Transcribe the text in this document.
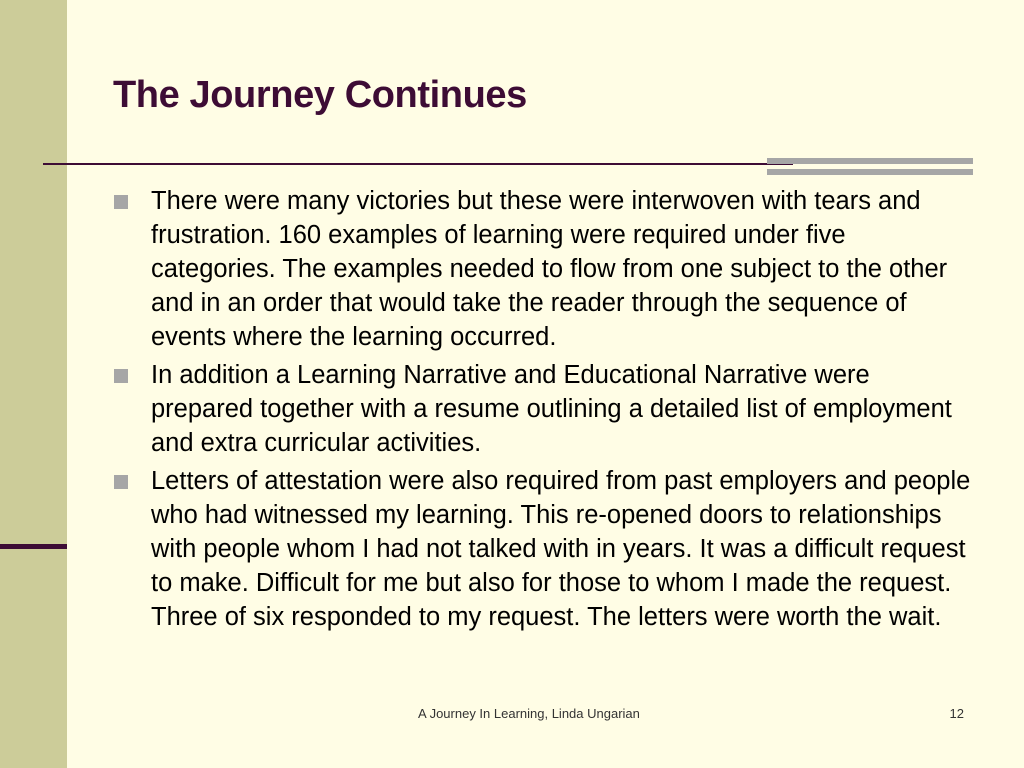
The Journey Continues
There were many victories but these were interwoven with tears and frustration. 160 examples of learning were required under five categories. The examples needed to flow from one subject to the other and in an order that would take the reader through the sequence of events where the learning occurred.
In addition a Learning Narrative and Educational Narrative were prepared together with a resume outlining a detailed list of employment and extra curricular activities.
Letters of attestation were also required from past employers and people who had witnessed my learning. This re-opened doors to relationships with people whom I had not talked with in years. It was a difficult request to make. Difficult for me but also for those to whom I made the request. Three of six responded to my request. The letters were worth the wait.
A Journey In Learning, Linda Ungarian	12
